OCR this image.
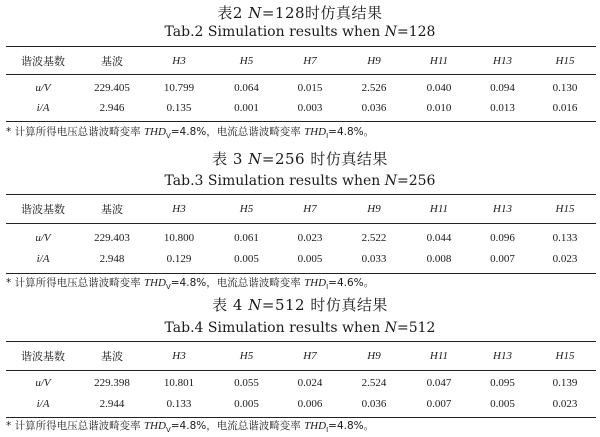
表2 N=128时仿真结果
Tab.2 Simulation results when N=128
谐波基数	基波	H3	H5	H7	H9	H11	H13	H15

u/V	229.405	10.799	0.064	0.015	2.526	0.040	0.094	0.130
i/A	2.946	0.135	0.001	0.003	0.036	0.010	0.013	0.016
* 计算所得电压总谐波畸变率 $THD_V=4.8\%$，电流总谐波畸变率 $THD_I=4.8\%$。
表 3 N=256 时仿真结果
Tab.3 Simulation results when N=256
谐波基数	基波	H3	H5	H7	H9	H11	H13	H15

u/V	229.403	10.800	0.061	0.023	2.522	0.044	0.096	0.133
i/A	2.948	0.129	0.005	0.005	0.033	0.008	0.007	0.023
* 计算所得电压总谐波畸变率 $THD_V=4.8\%$，电流总谐波畸变率 $THD_I=4.6\%$。
表 4 N=512 时仿真结果
Tab.4 Simulation results when N=512
谐波基数	基波	H3	H5	H7	H9	H11	H13	H15

u/V	229.398	10.801	0.055	0.024	2.524	0.047	0.095	0.139
i/A	2.944	0.133	0.005	0.006	0.036	0.007	0.005	0.023
* 计算所得电压总谐波畸变率 $THD_V=4.8\%$，电流总谐波畸变率 $THD_I=4.8\%$。
